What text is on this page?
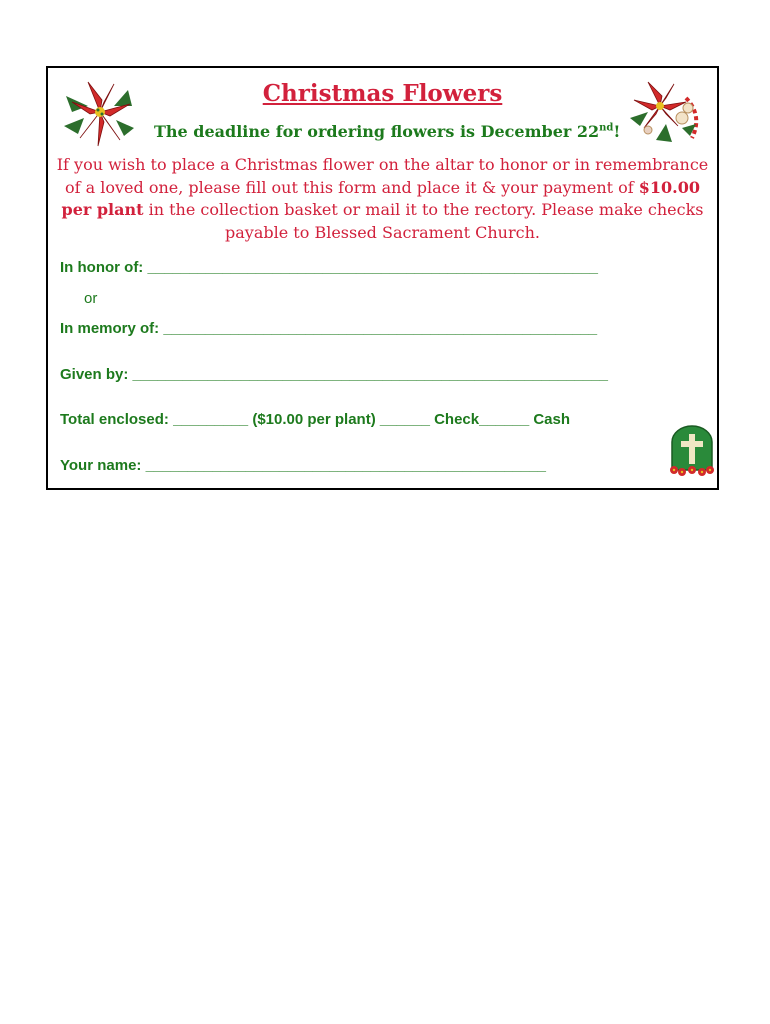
Christmas Flowers
The deadline for ordering flowers is December 22nd!
If you wish to place a Christmas flower on the altar to honor or in remembrance of a loved one, please fill out this form and place it & your payment of $10.00 per plant in the collection basket or mail it to the rectory. Please make checks payable to Blessed Sacrament Church.
In honor of: ______________________________________________________
or
In memory of: ____________________________________________________
Given by: _________________________________________________________
Total enclosed: _________ ($10.00 per plant) ______ Check______ Cash
Your name: ________________________________________________
